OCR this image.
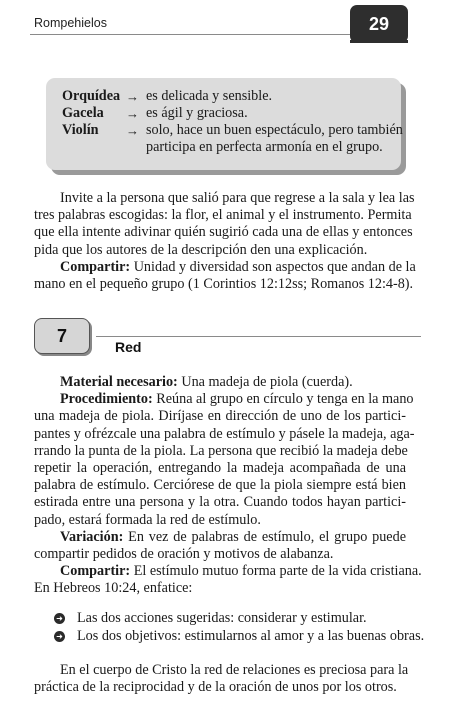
Rompehielos	29
Orquídea → es delicada y sensible.
Gacela → es ágil y graciosa.
Violín → solo, hace un buen espectáculo, pero también
participa en perfecta armonía en el grupo.
Invite a la persona que salió para que regrese a la sala y lea las
tres palabras escogidas: la flor, el animal y el instrumento. Permita
que ella intente adivinar quién sugirió cada una de ellas y entonces
pida que los autores de la descripción den una explicación.
Compartir: Unidad y diversidad son aspectos que andan de la
mano en el pequeño grupo (1 Corintios 12:12ss; Romanos 12:4-8).
7
Red
Material necesario: Una madeja de piola (cuerda).
Procedimiento: Reúna al grupo en círculo y tenga en la mano
una madeja de piola. Diríjase en dirección de uno de los partici-
pantes y ofrézcale una palabra de estímulo y pásele la madeja, aga-
rrando la punta de la piola. La persona que recibió la madeja debe
repetir la operación, entregando la madeja acompañada de una
palabra de estímulo. Cerciórese de que la piola siempre está bien
estirada entre una persona y la otra. Cuando todos hayan partici-
pado, estará formada la red de estímulo.
Variación: En vez de palabras de estímulo, el grupo puede
compartir pedidos de oración y motivos de alabanza.
Compartir: El estímulo mutuo forma parte de la vida cristiana.
En Hebreos 10:24, enfatice:
➜ Las dos acciones sugeridas: considerar y estimular.
➜ Los dos objetivos: estimularnos al amor y a las buenas obras.
En el cuerpo de Cristo la red de relaciones es preciosa para la
práctica de la reciprocidad y de la oración de unos por los otros.
